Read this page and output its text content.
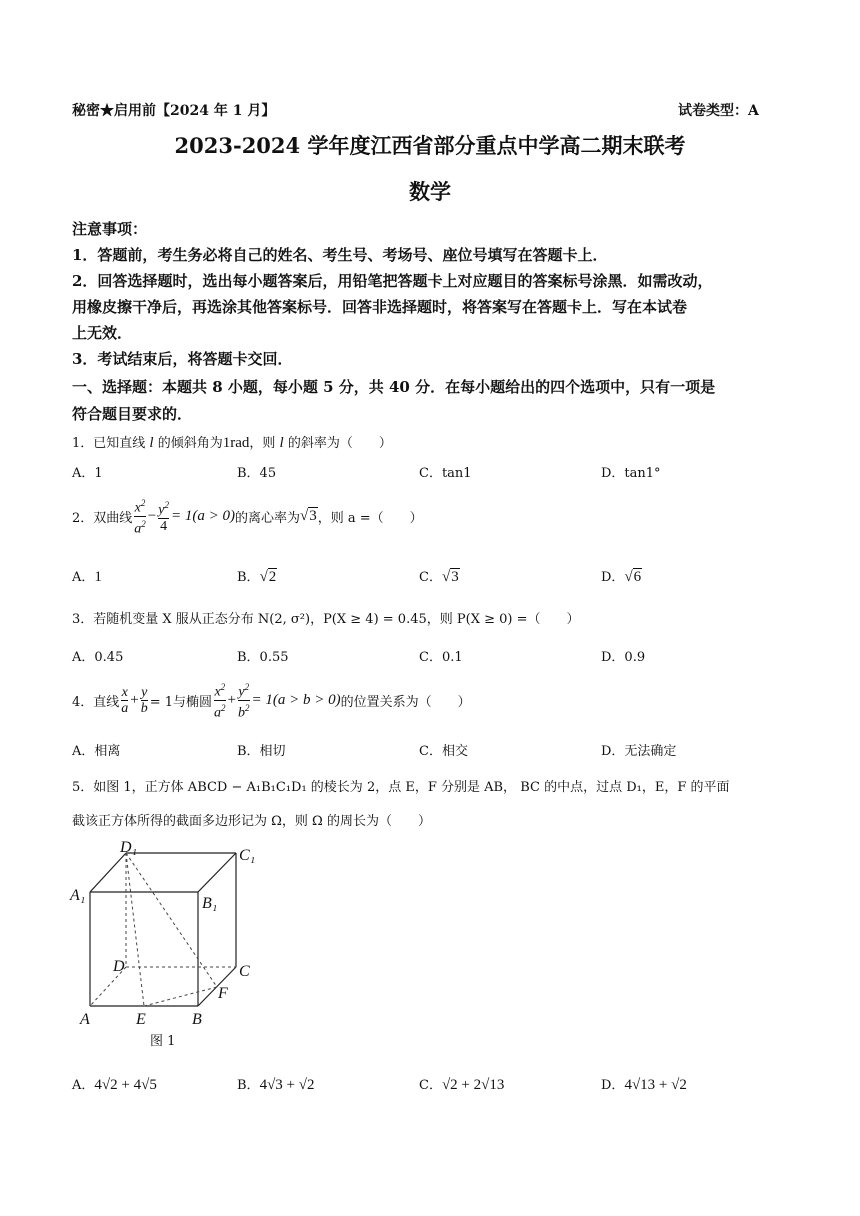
秘密★启用前【2024 年 1 月】	试卷类型：A
2023-2024 学年度江西省部分重点中学高二期末联考
数学
注意事项：
1．答题前，考生务必将自己的姓名、考生号、考场号、座位号填写在答题卡上．
2．回答选择题时，选出每小题答案后，用铅笔把答题卡上对应题目的答案标号涂黑．如需改动，
用橡皮擦干净后，再选涂其他答案标号．回答非选择题时，将答案写在答题卡上．写在本试卷
上无效．
3．考试结束后，将答题卡交回．
一、选择题：本题共 8 小题，每小题 5 分，共 40 分．在每小题给出的四个选项中，只有一项是
符合题目要求的．
1．已知直线 l 的倾斜角为1rad，则 l 的斜率为（　　）
A．1	B．45	C．tan1	D．tan1°
2．双曲线 $\frac{x^2}{a^2} - \frac{y^2}{4} = 1(a > 0)$ 的离心率为 √3 ，则 a =（　　）
A．1	B．√2	C．√3	D．√6
3．若随机变量 X 服从正态分布 N(2, σ²)，P(X ≥ 4) = 0.45，则 P(X ≥ 0) =（　　）
A．0.45	B．0.55	C．0.1	D．0.9
4．直线 $\frac{x}{a} + \frac{y}{b} = 1$与椭圆 $\frac{x^2}{a^2} + \frac{y^2}{b^2} = 1(a > b > 0)$ 的位置关系为（　　）
A．相离	B．相切	C．相交	D．无法确定
5．如图 1，正方体 ABCD − A₁B₁C₁D₁ 的棱长为 2，点 E，F 分别是 AB， BC 的中点，过点 D₁，E，F 的平面
截该正方体所得的截面多边形记为 Ω，则 Ω 的周长为（　　）
D₁	C₁
A₁	B₁
D	C
F
A	E	B
图 1
A．4√2 + 4√5	B．4√3 + √2	C．√2 + 2√13	D．4√13 + √2
